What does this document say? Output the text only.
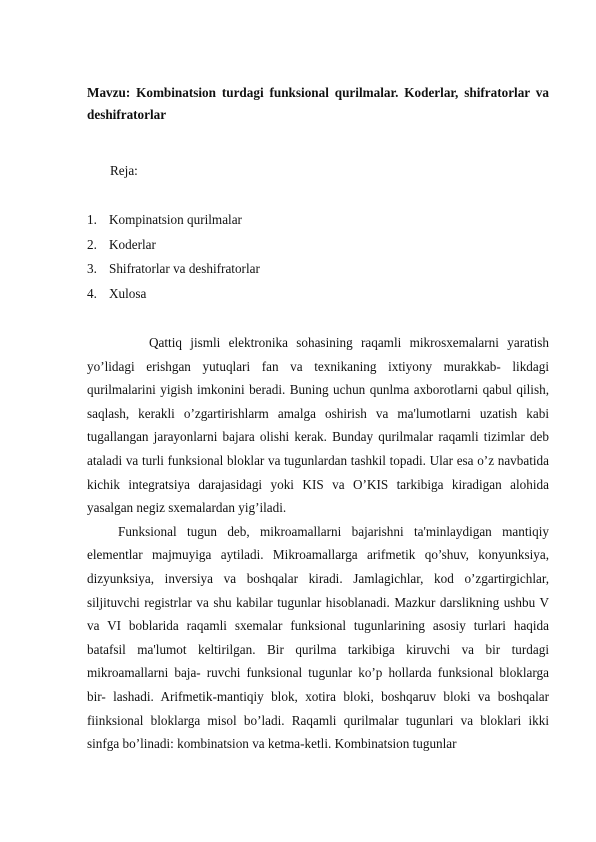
Mavzu: Kombinatsion turdagi funksional qurilmalar. Koderlar, shifratorlar va deshifratorlar
Reja:
1. Kompinatsion qurilmalar
2. Koderlar
3. Shifratorlar va deshifratorlar
4. Xulosa

Qattiq jismli elektronika sohasining raqamli mikrosxemalarni yaratish yo’lidagi erishgan yutuqlari fan va texnikaning ixtiyony murakkab- likdagi qurilmalarini yigish imkonini beradi. Buning uchun qunlma axborotlarni qabul qilish, saqlash, kerakli o’zgartirishlarm amalga oshirish va ma'lumotlarni uzatish kabi tugallangan jarayonlarni bajara olishi kerak. Bunday qurilmalar raqamli tizimlar deb ataladi va turli funksional bloklar va tugunlardan tashkil topadi. Ular esa o’z navbatida kichik integratsiya darajasidagi yoki KIS va O’KIS tarkibiga kiradigan alohida yasalgan negiz sxemalardan yig’iladi.

Funksional tugun deb, mikroamallarni bajarishni ta'minlaydigan mantiqiy elementlar majmuyiga aytiladi. Mikroamallarga arifmetik qo’shuv, konyunksiya, dizyunksiya, inversiya va boshqalar kiradi. Jamlagichlar, kod o’zgartirgichlar, siljituvchi registrlar va shu kabilar tugunlar hisoblanadi. Mazkur darslikning ushbu V va VI boblarida raqamli sxemalar funksional tugunlarining asosiy turlari haqida batafsil ma'lumot keltirilgan. Bir qurilma tarkibiga kiruvchi va bir turdagi mikroamallarni baja- ruvchi funksional tugunlar ko’p hollarda funksional bloklarga bir- lashadi. Arifmetik-mantiqiy blok, xotira bloki, boshqaruv bloki va boshqalar fiinksional bloklarga misol bo’ladi. Raqamli qurilmalar tugunlari va bloklari ikki sinfga bo’linadi: kombinatsion va ketma-ketli. Kombinatsion tugunlar
